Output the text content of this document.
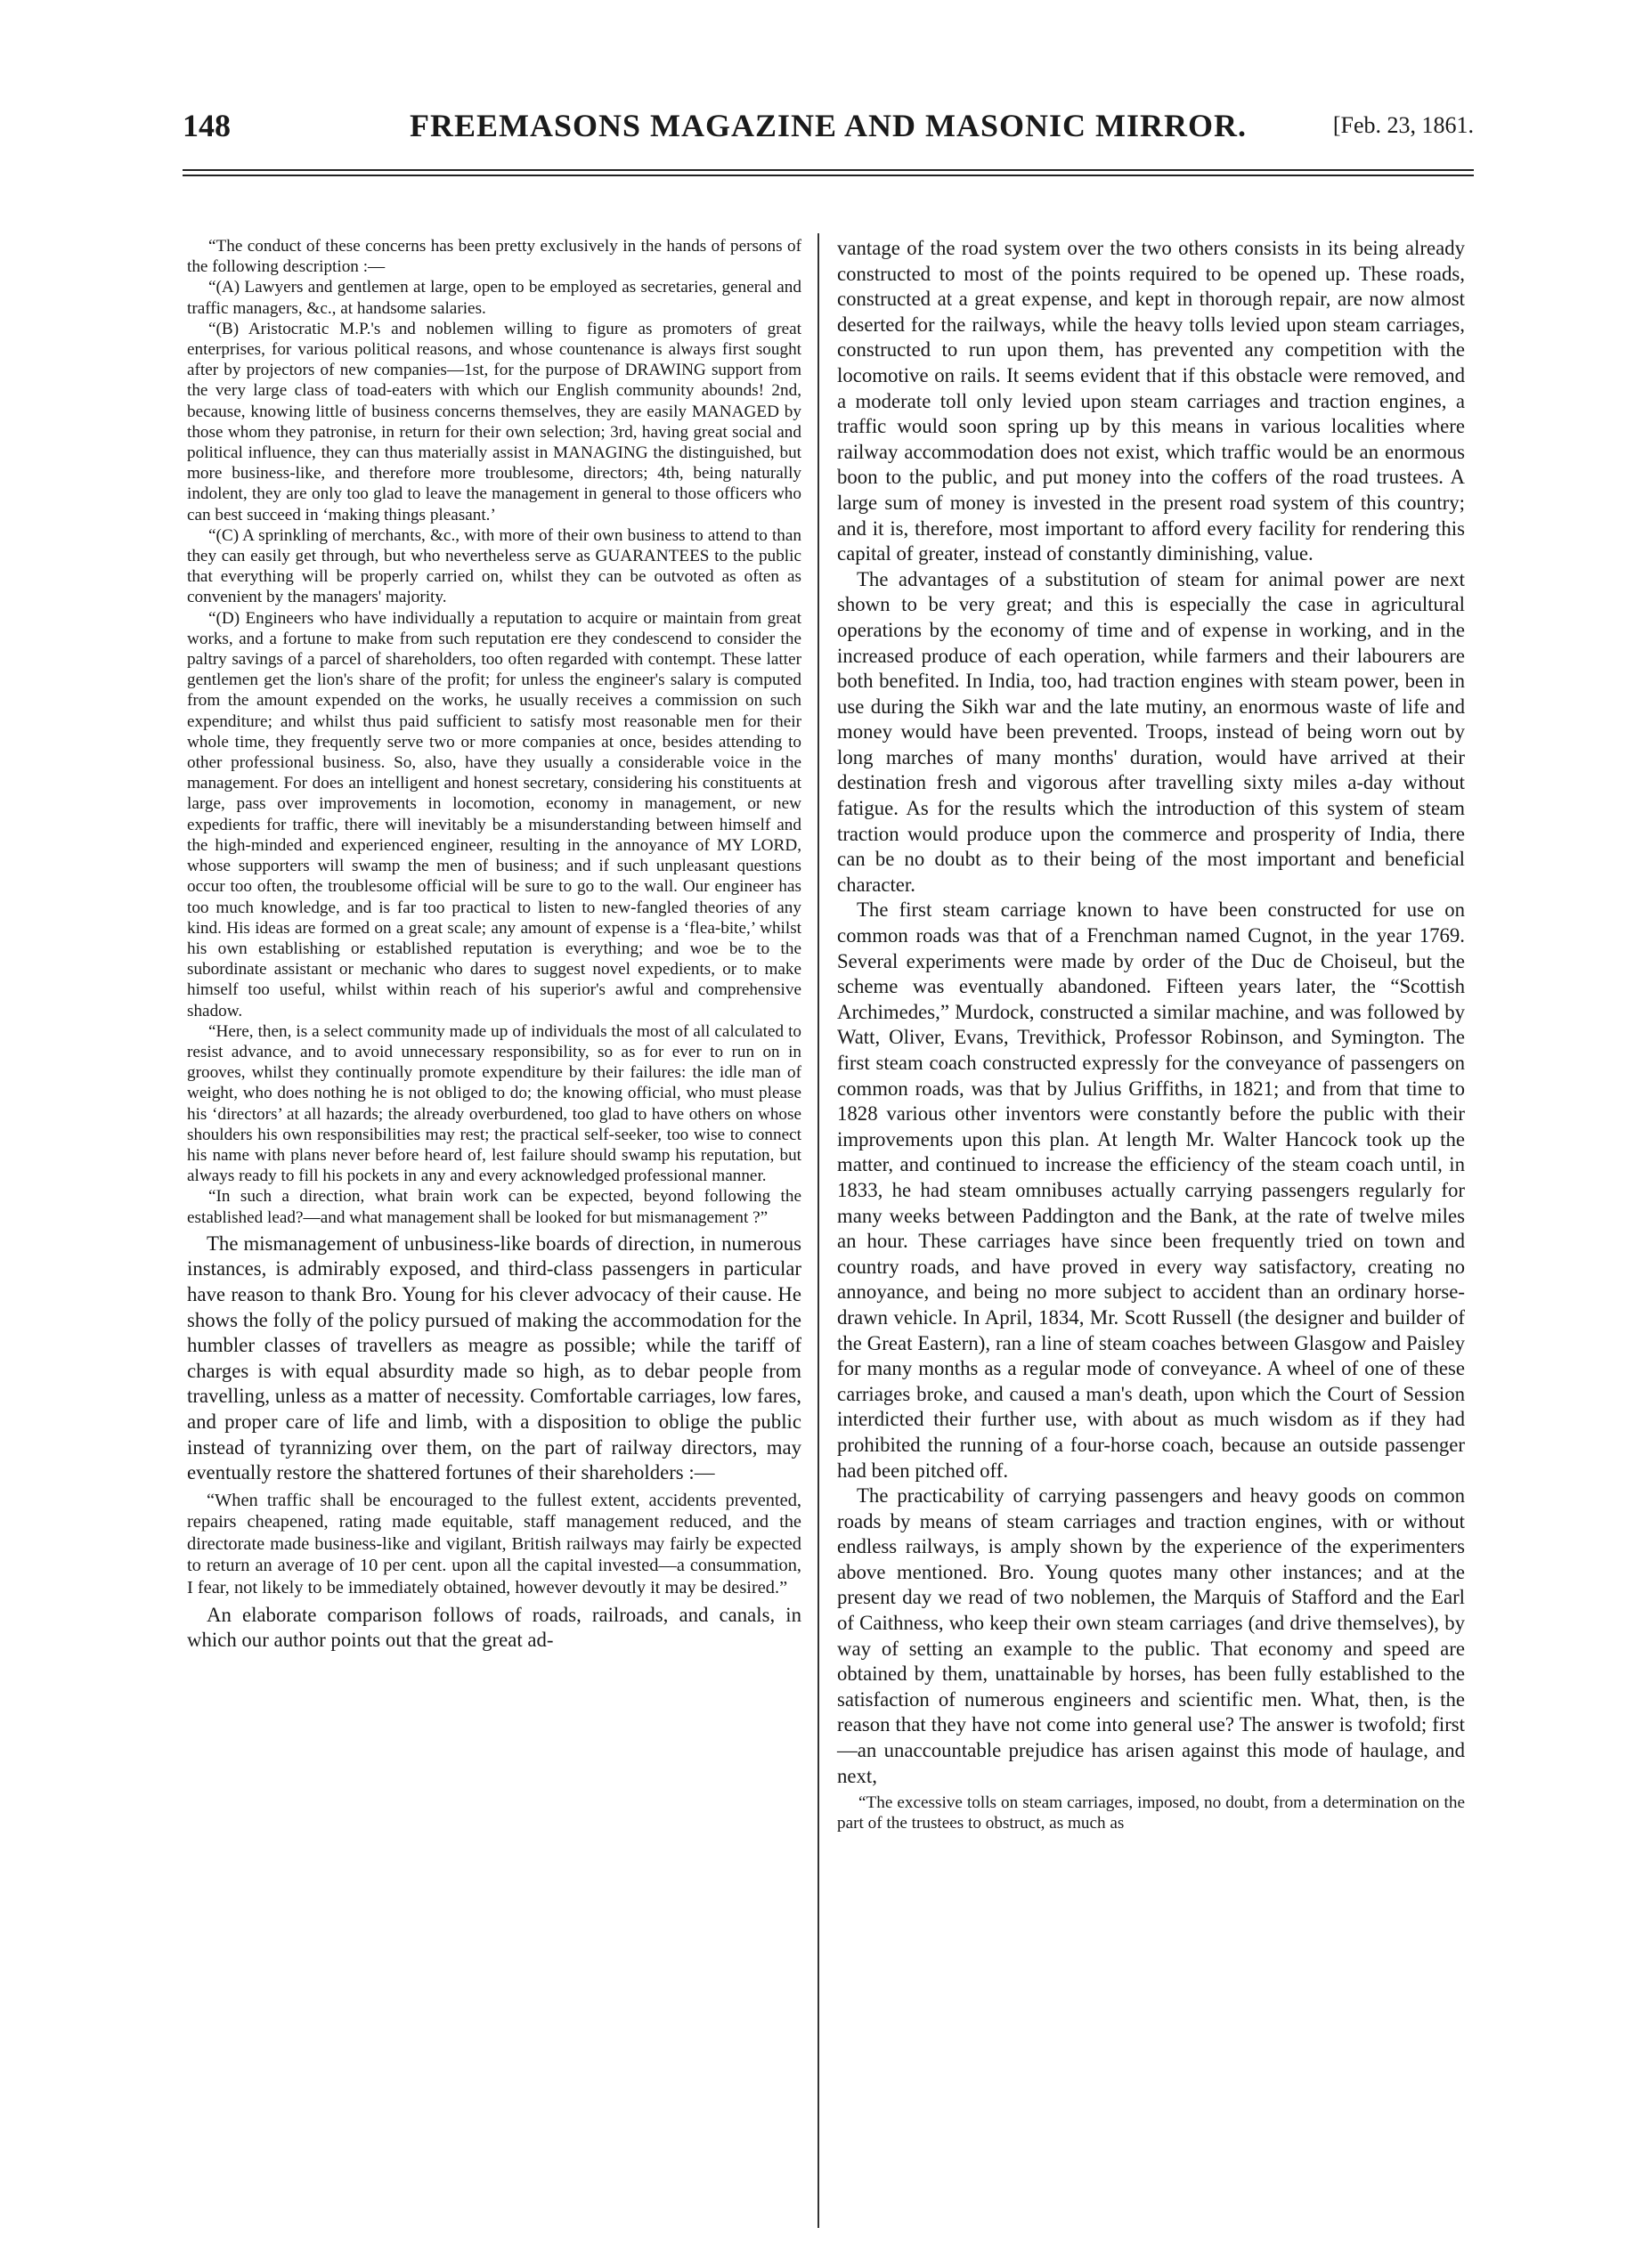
148	FREEMASONS MAGAZINE AND MASONIC MIRROR.	[Feb. 23, 1861.

“The conduct of these concerns has been pretty exclusively in the hands of persons of the following description :—

“(A) Lawyers and gentlemen at large, open to be employed as secretaries, general and traffic managers, &c., at handsome salaries.

“(B) Aristocratic M.P.'s and noblemen willing to figure as promoters of great enterprises, for various political reasons, and whose countenance is always first sought after by projectors of new companies—1st, for the purpose of DRAWING support from the very large class of toad-eaters with which our English community abounds! 2nd, because, knowing little of business concerns themselves, they are easily MANAGED by those whom they patronise, in return for their own selection; 3rd, having great social and political influence, they can thus materially assist in MANAGING the distinguished, but more business-like, and therefore more troublesome, directors; 4th, being naturally indolent, they are only too glad to leave the management in general to those officers who can best succeed in ‘making things pleasant.’

“(C) A sprinkling of merchants, &c., with more of their own business to attend to than they can easily get through, but who nevertheless serve as GUARANTEES to the public that everything will be properly carried on, whilst they can be outvoted as often as convenient by the managers' majority.

“(D) Engineers who have individually a reputation to acquire or maintain from great works, and a fortune to make from such reputation ere they condescend to consider the paltry savings of a parcel of shareholders, too often regarded with contempt. These latter gentlemen get the lion's share of the profit; for unless the engineer's salary is computed from the amount expended on the works, he usually receives a commission on such expenditure; and whilst thus paid sufficient to satisfy most reasonable men for their whole time, they frequently serve two or more companies at once, besides attending to other professional business. So, also, have they usually a considerable voice in the management. For does an intelligent and honest secretary, considering his constituents at large, pass over improvements in locomotion, economy in management, or new expedients for traffic, there will inevitably be a misunderstanding between himself and the high-minded and experienced engineer, resulting in the annoyance of MY LORD, whose supporters will swamp the men of business; and if such unpleasant questions occur too often, the troublesome official will be sure to go to the wall. Our engineer has too much knowledge, and is far too practical to listen to new-fangled theories of any kind. His ideas are formed on a great scale; any amount of expense is a ‘flea-bite,’ whilst his own establishing or established reputation is everything; and woe be to the subordinate assistant or mechanic who dares to suggest novel expedients, or to make himself too useful, whilst within reach of his superior's awful and comprehensive shadow.

“Here, then, is a select community made up of individuals the most of all calculated to resist advance, and to avoid unnecessary responsibility, so as for ever to run on in grooves, whilst they continually promote expenditure by their failures: the idle man of weight, who does nothing he is not obliged to do; the knowing official, who must please his ‘directors’ at all hazards; the already overburdened, too glad to have others on whose shoulders his own responsibilities may rest; the practical self-seeker, too wise to connect his name with plans never before heard of, lest failure should swamp his reputation, but always ready to fill his pockets in any and every acknowledged professional manner.

“In such a direction, what brain work can be expected, beyond following the established lead?—and what management shall be looked for but mismanagement ?”

The mismanagement of unbusiness-like boards of direction, in numerous instances, is admirably exposed, and third-class passengers in particular have reason to thank Bro. Young for his clever advocacy of their cause. He shows the folly of the policy pursued of making the accommodation for the humbler classes of travellers as meagre as possible; while the tariff of charges is with equal absurdity made so high, as to debar people from travelling, unless as a matter of necessity. Comfortable carriages, low fares, and proper care of life and limb, with a disposition to oblige the public instead of tyrannizing over them, on the part of railway directors, may eventually restore the shattered fortunes of their shareholders :—

“When traffic shall be encouraged to the fullest extent, accidents prevented, repairs cheapened, rating made equitable, staff management reduced, and the directorate made business-like and vigilant, British railways may fairly be expected to return an average of 10 per cent. upon all the capital invested—a consummation, I fear, not likely to be immediately obtained, however devoutly it may be desired.”

An elaborate comparison follows of roads, railroads, and canals, in which our author points out that the great ad-

vantage of the road system over the two others consists in its being already constructed to most of the points required to be opened up. These roads, constructed at a great expense, and kept in thorough repair, are now almost deserted for the railways, while the heavy tolls levied upon steam carriages, constructed to run upon them, has prevented any competition with the locomotive on rails. It seems evident that if this obstacle were removed, and a moderate toll only levied upon steam carriages and traction engines, a traffic would soon spring up by this means in various localities where railway accommodation does not exist, which traffic would be an enormous boon to the public, and put money into the coffers of the road trustees. A large sum of money is invested in the present road system of this country; and it is, therefore, most important to afford every facility for rendering this capital of greater, instead of constantly diminishing, value.

The advantages of a substitution of steam for animal power are next shown to be very great; and this is especially the case in agricultural operations by the economy of time and of expense in working, and in the increased produce of each operation, while farmers and their labourers are both benefited. In India, too, had traction engines with steam power, been in use during the Sikh war and the late mutiny, an enormous waste of life and money would have been prevented. Troops, instead of being worn out by long marches of many months' duration, would have arrived at their destination fresh and vigorous after travelling sixty miles a-day without fatigue. As for the results which the introduction of this system of steam traction would produce upon the commerce and prosperity of India, there can be no doubt as to their being of the most important and beneficial character.

The first steam carriage known to have been constructed for use on common roads was that of a Frenchman named Cugnot, in the year 1769. Several experiments were made by order of the Duc de Choiseul, but the scheme was eventually abandoned. Fifteen years later, the “Scottish Archimedes,” Murdock, constructed a similar machine, and was followed by Watt, Oliver, Evans, Trevithick, Professor Robinson, and Symington. The first steam coach constructed expressly for the conveyance of passengers on common roads, was that by Julius Griffiths, in 1821; and from that time to 1828 various other inventors were constantly before the public with their improvements upon this plan. At length Mr. Walter Hancock took up the matter, and continued to increase the efficiency of the steam coach until, in 1833, he had steam omnibuses actually carrying passengers regularly for many weeks between Paddington and the Bank, at the rate of twelve miles an hour. These carriages have since been frequently tried on town and country roads, and have proved in every way satisfactory, creating no annoyance, and being no more subject to accident than an ordinary horse-drawn vehicle. In April, 1834, Mr. Scott Russell (the designer and builder of the Great Eastern), ran a line of steam coaches between Glasgow and Paisley for many months as a regular mode of conveyance. A wheel of one of these carriages broke, and caused a man's death, upon which the Court of Session interdicted their further use, with about as much wisdom as if they had prohibited the running of a four-horse coach, because an outside passenger had been pitched off.

The practicability of carrying passengers and heavy goods on common roads by means of steam carriages and traction engines, with or without endless railways, is amply shown by the experience of the experimenters above mentioned. Bro. Young quotes many other instances; and at the present day we read of two noblemen, the Marquis of Stafford and the Earl of Caithness, who keep their own steam carriages (and drive themselves), by way of setting an example to the public. That economy and speed are obtained by them, unattainable by horses, has been fully established to the satisfaction of numerous engineers and scientific men. What, then, is the reason that they have not come into general use? The answer is twofold; first—an unaccountable prejudice has arisen against this mode of haulage, and next,

“The excessive tolls on steam carriages, imposed, no doubt, from a determination on the part of the trustees to obstruct, as much as
